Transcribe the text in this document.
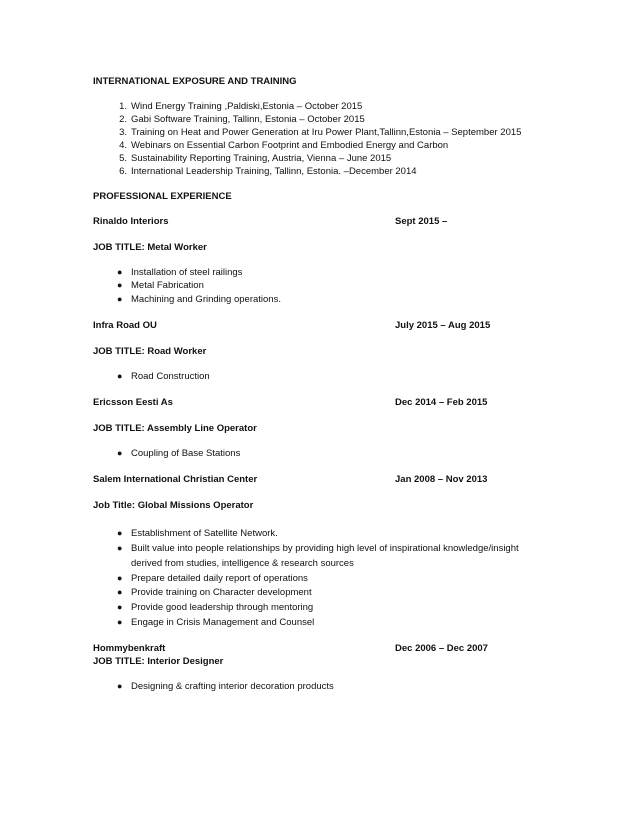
INTERNATIONAL EXPOSURE AND TRAINING
1. Wind Energy Training ,Paldiski,Estonia – October 2015
2. Gabi Software Training, Tallinn, Estonia – October 2015
3. Training on Heat and Power Generation at Iru Power Plant,Tallinn,Estonia – September 2015
4. Webinars on Essential Carbon Footprint and Embodied Energy and Carbon
5. Sustainability Reporting Training, Austria, Vienna – June 2015
6. International Leadership Training, Tallinn, Estonia. –December 2014
PROFESSIONAL EXPERIENCE
Rinaldo Interiors	Sept 2015 –
JOB TITLE: Metal Worker
● Installation of steel railings
● Metal Fabrication
● Machining and Grinding operations.
Infra Road OU	July 2015 – Aug 2015
JOB TITLE: Road Worker
● Road Construction
Ericsson Eesti As	Dec 2014 – Feb 2015
JOB TITLE: Assembly Line Operator
● Coupling of Base Stations
Salem International Christian Center	Jan 2008 – Nov 2013
Job Title: Global Missions Operator
● Establishment of Satellite Network.
● Built value into people relationships by providing high level of inspirational knowledge/insight
derived from studies, intelligence & research sources
● Prepare detailed daily report of operations
● Provide training on Character development
● Provide good leadership through mentoring
● Engage in Crisis Management and Counsel
Hommybenkraft	Dec 2006 – Dec 2007
JOB TITLE: Interior Designer
● Designing & crafting interior decoration products
